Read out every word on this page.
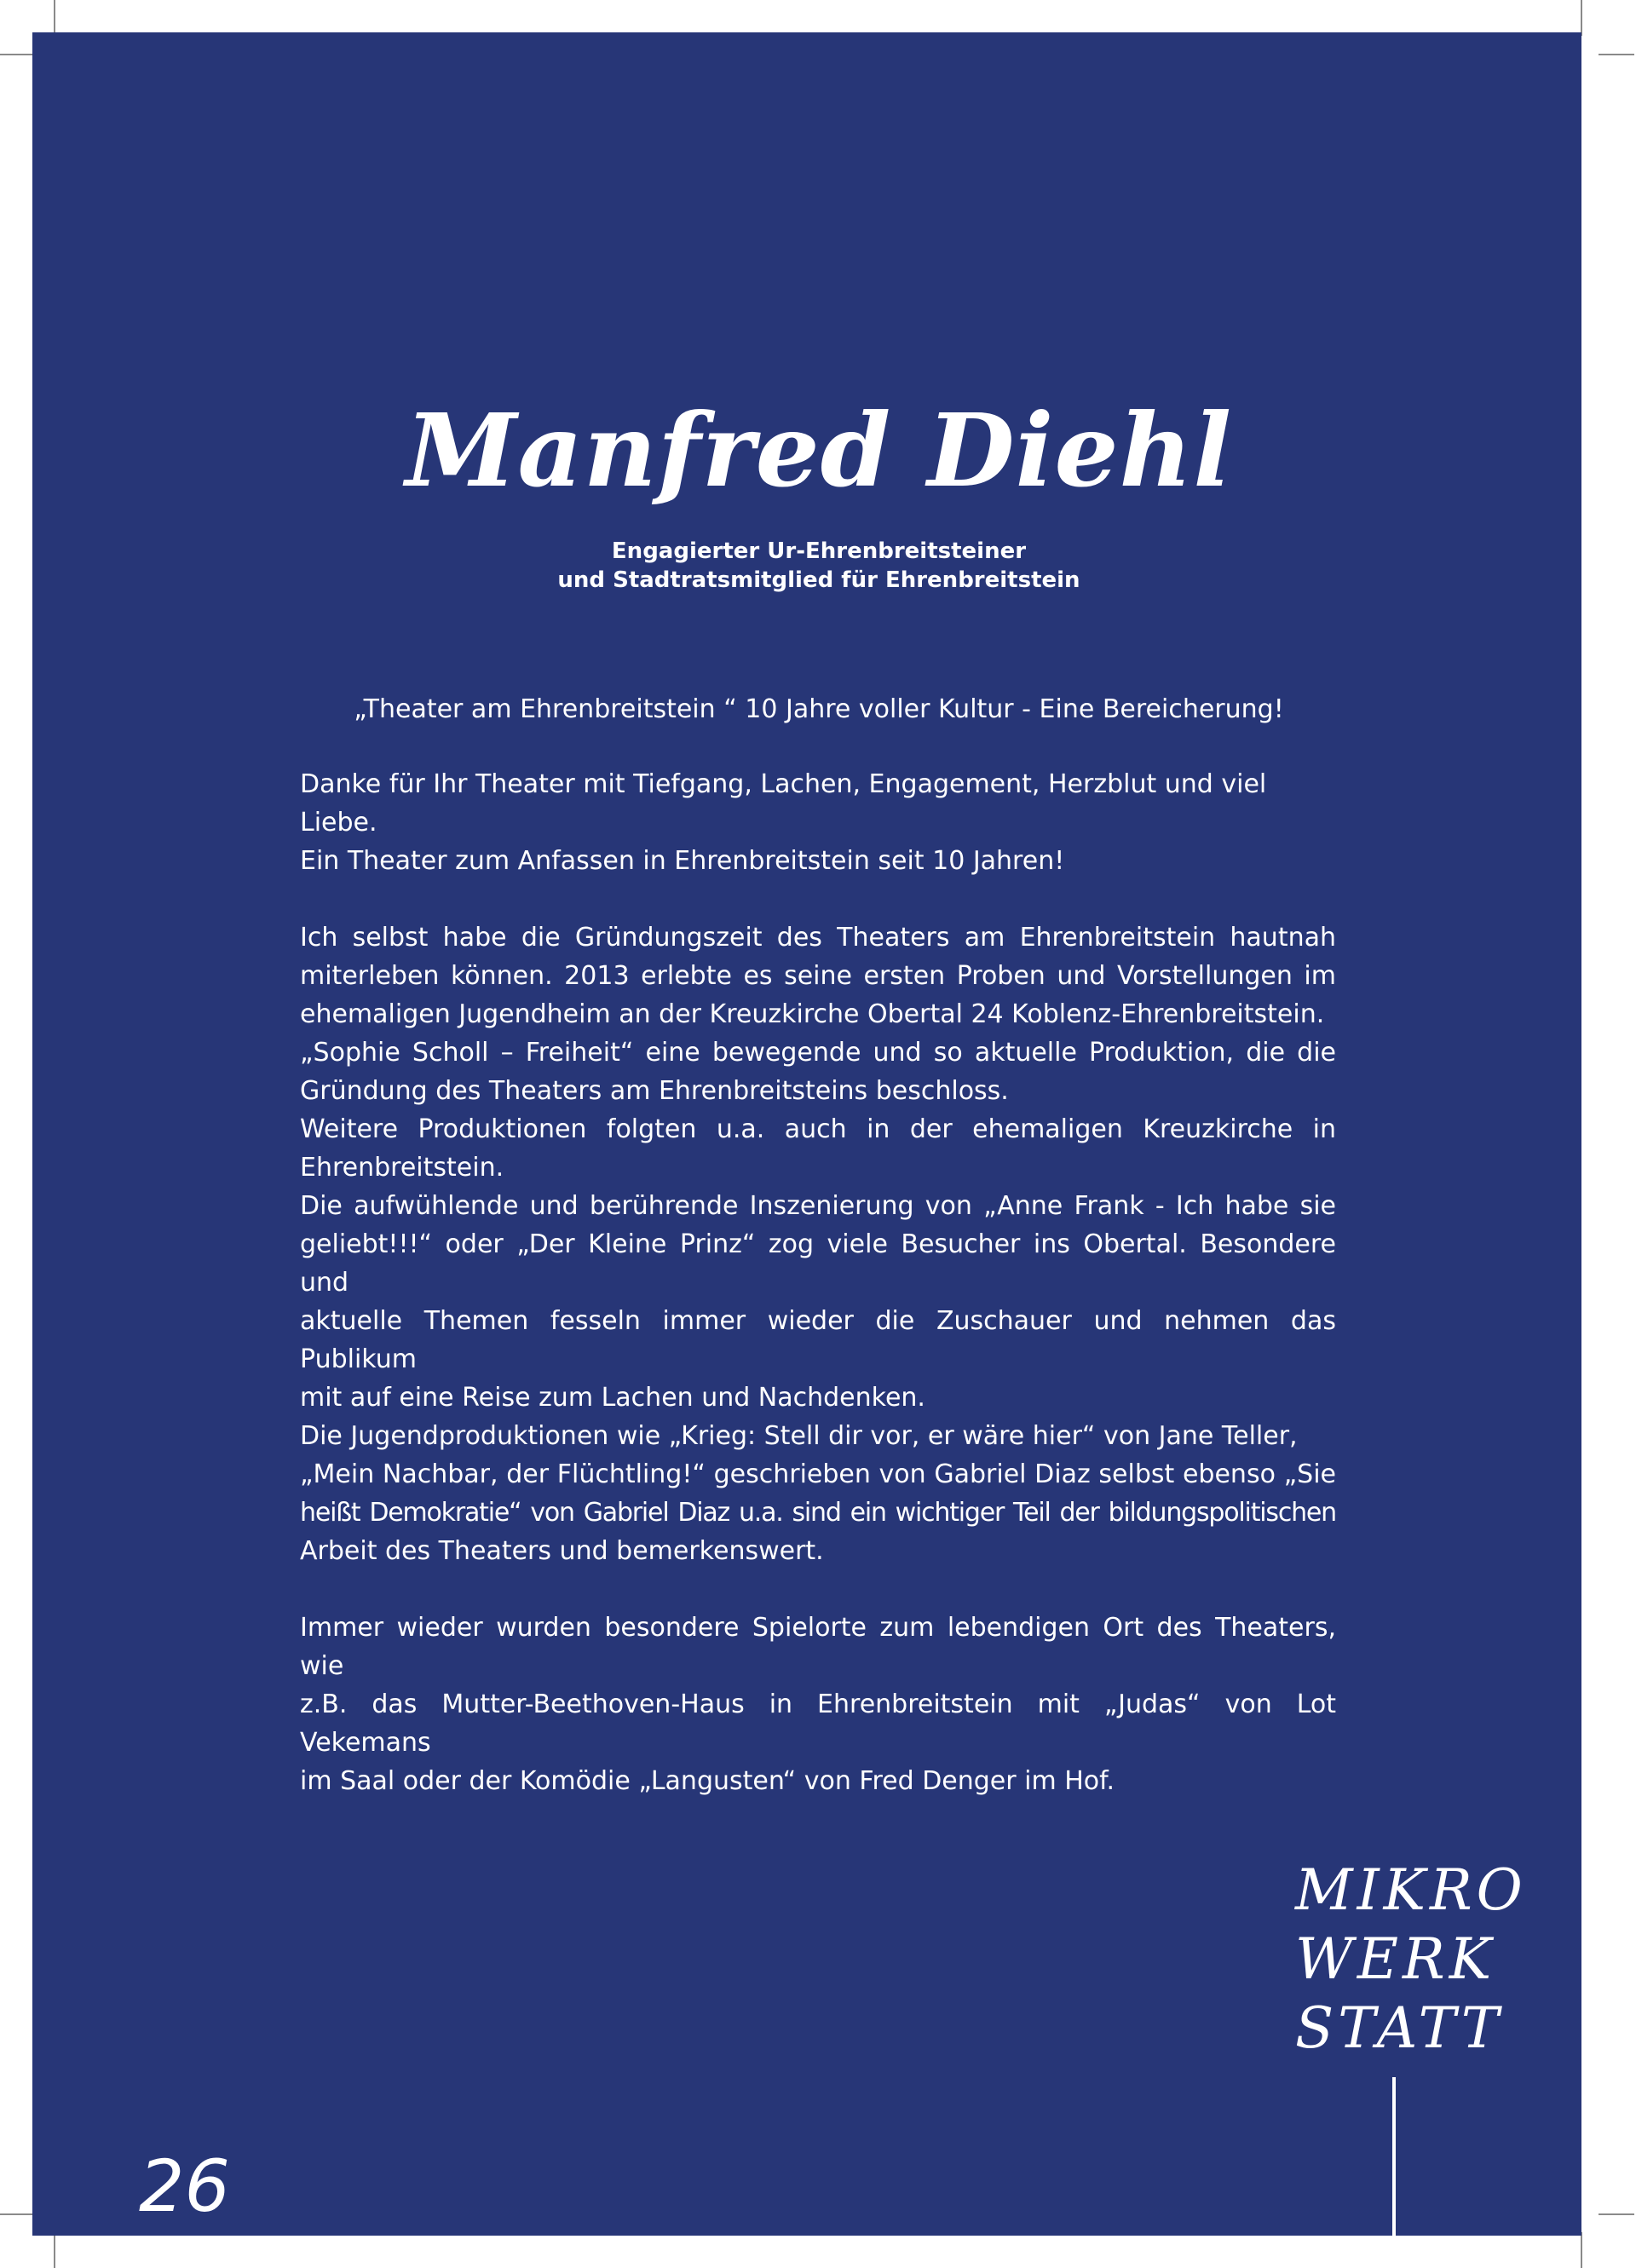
Manfred Diehl
Engagierter Ur-Ehrenbreitsteiner
und Stadtratsmitglied für Ehrenbreitstein
„Theater am Ehrenbreitstein “ 10 Jahre voller Kultur - Eine Bereicherung!
Danke für Ihr Theater mit Tiefgang, Lachen, Engagement, Herzblut und viel Liebe.
Ein Theater zum Anfassen in Ehrenbreitstein seit 10 Jahren!
Ich selbst habe die Gründungszeit des Theaters am Ehrenbreitstein hautnah
miterleben können. 2013 erlebte es seine ersten Proben und Vorstellungen im
ehemaligen Jugendheim an der Kreuzkirche Obertal 24 Koblenz-Ehrenbreitstein.
„Sophie Scholl – Freiheit“ eine bewegende und so aktuelle Produktion, die die
Gründung des Theaters am Ehrenbreitsteins beschloss.
Weitere Produktionen folgten u.a. auch in der ehemaligen Kreuzkirche in
Ehrenbreitstein.
Die aufwühlende und berührende Inszenierung von „Anne Frank - Ich habe sie
geliebt!!!“ oder „Der Kleine Prinz“ zog viele Besucher ins Obertal. Besondere und
aktuelle Themen fesseln immer wieder die Zuschauer und nehmen das Publikum
mit auf eine Reise zum Lachen und Nachdenken.
Die Jugendproduktionen wie „Krieg: Stell dir vor, er wäre hier“ von Jane Teller,
„Mein Nachbar, der Flüchtling!“ geschrieben von Gabriel Diaz selbst ebenso „Sie
heißt Demokratie“ von Gabriel Diaz u.a. sind ein wichtiger Teil der bildungspolitischen
Arbeit des Theaters und bemerkenswert.
Immer wieder wurden besondere Spielorte zum lebendigen Ort des Theaters, wie
z.B. das Mutter-Beethoven-Haus in Ehrenbreitstein mit „Judas“ von Lot Vekemans
im Saal oder der Komödie „Langusten“ von Fred Denger im Hof.
MIKRO
WERK
STATT
26
